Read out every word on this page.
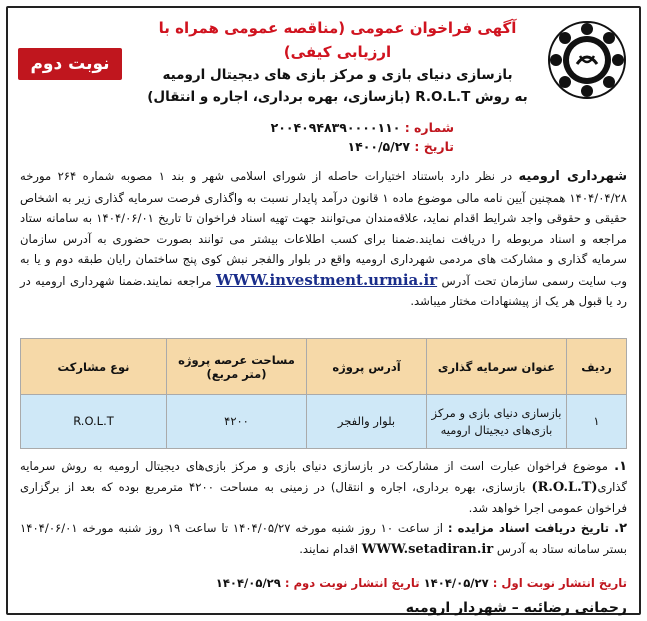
آگهی فراخوان عمومی (مناقصه عمومی همراه با ارزیابی کیفی)
بازسازی دنیای بازی و مرکز بازی های دیجیتال ارومیه
به روش R.O.L.T (بازسازی، بهره برداری، اجاره و انتقال)
نوبت دوم
شماره : ۲۰۰۴۰۹۴۸۳۹۰۰۰۰۱۱۰
تاریخ : ۱۴۰۰/۵/۲۷

شهرداری ارومیه در نظر دارد باستناد اختیارات حاصله از شورای اسلامی شهر و بند ۱ مصوبه شماره ۲۶۴ مورخه ۱۴۰۴/۰۴/۲۸ همچنین آیین نامه مالی موضوع ماده ۱ قانون درآمد پایدار نسبت به واگذاری فرصت سرمایه گذاری زیر به اشخاص حقیقی و حقوقی واجد شرایط اقدام نماید، علاقه‌مندان می‌توانند جهت تهیه اسناد فراخوان تا تاریخ ۱۴۰۴/۰۶/۰۱ به سامانه ستاد مراجعه و اسناد مربوطه را دریافت نمایند.ضمنا برای کسب اطلاعات بیشتر می توانند بصورت حضوری به آدرس سازمان سرمایه گذاری و مشارکت های مردمی شهرداری ارومیه واقع در بلوار والفجر نبش کوی پنج ساختمان رایان طبقه دوم و یا به وب سایت رسمی سازمان تحت آدرس WWW.investment.urmia.ir مراجعه نمایند.ضمنا شهرداری ارومیه در رد یا قبول هر یک از پیشنهادات مختار میباشد.

ردیف	عنوان سرمایه گذاری	آدرس پروژه	مساحت عرصه پروژه (متر مربع)	نوع مشارکت
۱	بازسازی دنیای بازی و مرکز بازی‌های دیجیتال ارومیه	بلوار والفجر	۴۲۰۰	R.O.L.T

۱. موضوع فراخوان عبارت است از مشارکت در بازسازی دنیای بازی و مرکز بازی‌های دیجیتال ارومیه به روش سرمایه گذاری(R.O.L.T) بازسازی، بهره برداری، اجاره و انتقال) در زمینی به مساحت ۴۲۰۰ مترمربع بوده که بعد از برگزاری فراخوان عمومی اجرا خواهد شد.

۲. تاریخ دریافت اسناد مزایده : از ساعت ۱۰ روز شنبه مورخه ۱۴۰۴/۰۵/۲۷ تا ساعت ۱۹ روز شنبه مورخه ۱۴۰۴/۰۶/۰۱ بستر سامانه ستاد به آدرس WWW.setadiran.ir اقدام نمایند.

تاریخ انتشار نوبت اول : ۱۴۰۴/۰۵/۲۷ تاریخ انتشار نوبت دوم : ۱۴۰۴/۰۵/۲۹
رحمانی رضائیه – شهردار ارومیه
